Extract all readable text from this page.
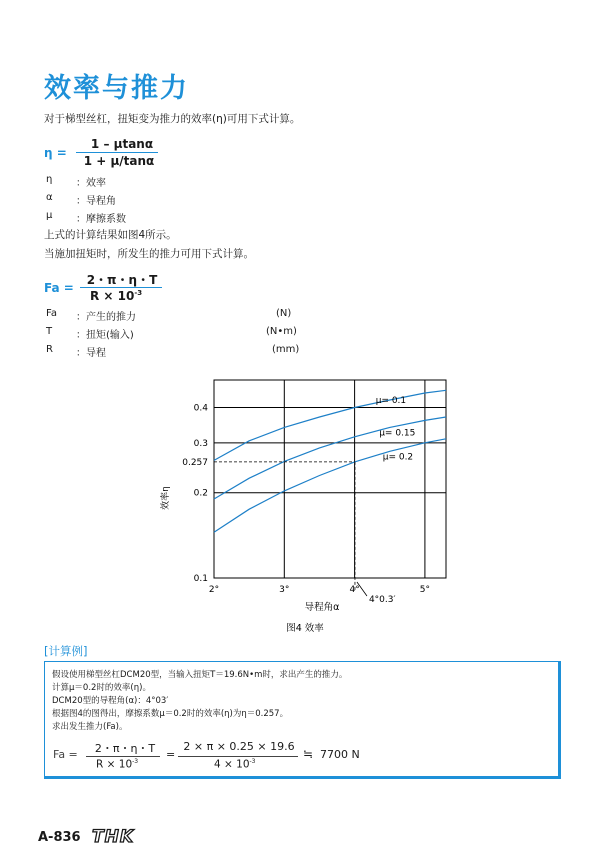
效率与推力
对于梯型丝杠，扭矩变为推力的效率(η)可用下式计算。
η =
1 – μtanα
1 + μ/tanα
η ：效率
α ：导程角
μ ：摩擦系数
上式的计算结果如图4所示。
当施加扭矩时，所发生的推力可用下式计算。
Fa =
2・π・η・T
$R \times 10^{-3}$
Fa ：产生的推力	(N)
T ：扭矩(输入)	(N•m)
R ：导程	(mm)
2°	3°	4°	5°
0.1
0.2
0.257
0.3
0.4
μ= 0.1
μ= 0.15
μ= 0.2
4°0.3′
效率η
导程角α
图4 效率
[计算例]
假设使用梯型丝杠DCM20型，当输入扭矩T＝19.6N•m时，求出产生的推力。
计算μ＝0.2时的效率(η)。
DCM20型的导程角(α)：4°03′
根据图4的图得出，摩擦系数μ＝0.2时的效率(η)为η＝0.257。
求出发生推力(Fa)。
Fa =	2・π・η・T
$R \times 10^{-3}$
=
2 × π × 0.25 × 19.6
$4 \times 10^{-3}$
≒ 7700 N
A-836 THK
